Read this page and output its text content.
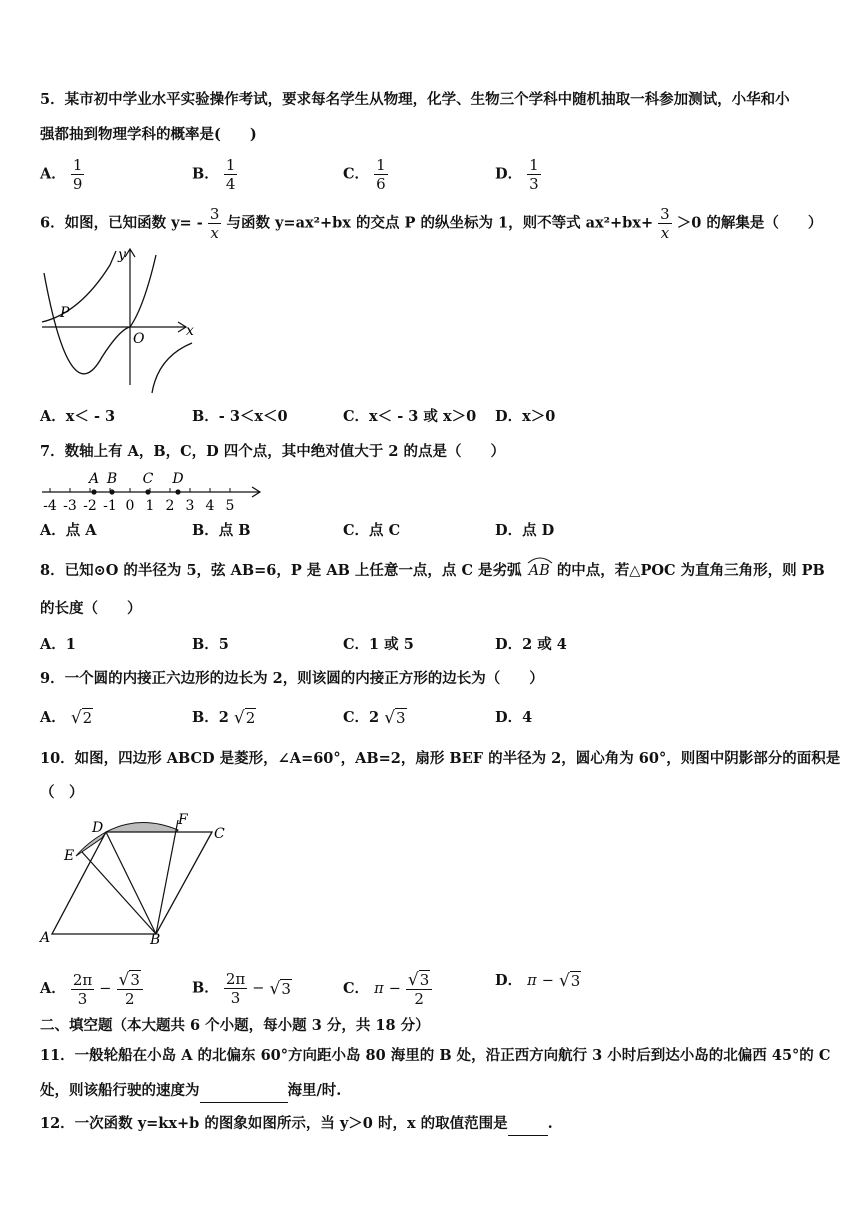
5．某市初中学业水平实验操作考试，要求每名学生从物理，化学、生物三个学科中随机抽取一科参加测试，小华和小
强都抽到物理学科的概率是(　　)
A． $\frac{1}{9}$	B． $\frac{1}{4}$	C． $\frac{1}{6}$	D． $\frac{1}{3}$
6．如图，已知函数 $y= - \frac{3}{x}$ 与函数 y=ax²+bx 的交点 P 的纵坐标为 1，则不等式 $ax^2+bx+ \frac{3}{x} >0$ 的解集是（　　）
y
x
O
P
A．x＜ - 3	B．- 3＜x＜0	C．x＜ - 3 或 x＞0 D．x＞0
7．数轴上有 A，B，C，D 四个点，其中绝对值大于 2 的点是（　　）
-4 -3 -2 -1 0 1 2 3 4 5
A B C D
A．点 A	B．点 B	C．点 C	D．点 D
8．已知⊙O 的半径为 5，弦 AB=6，P 是 AB 上任意一点，点 C 是劣弧 AB 的中点，若△POC 为直角三角形，则 PB
的长度（　　）
A．1	B．5	C．1 或 5	D．2 或 4
9．一个圆的内接正六边形的边长为 2，则该圆的内接正方形的边长为（　　）
A． √2	B．2 √2	C．2 √3	D．4
10．如图，四边形 ABCD 是菱形，∠A=60°，AB=2，扇形 BEF 的半径为 2，圆心角为 60°，则图中阴影部分的面积是
（　）
A	B
C
D
E
F
A． $\frac{2\pi}{3} - \frac{√3}{2}$	B． $\frac{2\pi}{3} - √3$	C． $\pi - \frac{√3}{2}$	D． π − √3
二、填空题（本大题共 6 个小题，每小题 3 分，共 18 分）
11．一般轮船在小岛 A 的北偏东 60°方向距小岛 80 海里的 B 处，沿正西方向航行 3 小时后到达小岛的北偏西 45°的 C
处，则该船行驶的速度为	海里/时.
12．一次函数 y=kx+b 的图象如图所示，当 y＞0 时，x 的取值范围是	.
